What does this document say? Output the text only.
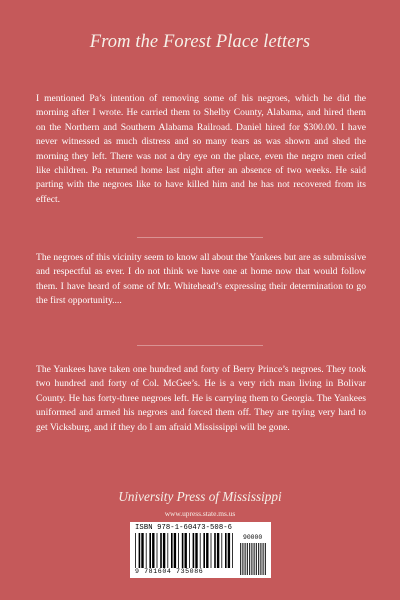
From the Forest Place letters

I mentioned Pa’s intention of removing some of his negroes, which he did the morning after I wrote. He carried them to Shelby County, Alabama, and hired them on the Northern and Southern Alabama Railroad. Daniel hired for $300.00. I have never witnessed as much distress and so many tears as was shown and shed the morning they left. There was not a dry eye on the place, even the negro men cried like children. Pa returned home last night after an absence of two weeks. He said parting with the negroes like to have killed him and he has not recovered from its effect.

The negroes of this vicinity seem to know all about the Yankees but are as submissive and respectful as ever. I do not think we have one at home now that would follow them. I have heard of some of Mr. Whitehead’s expressing their determination to go the first opportunity....

The Yankees have taken one hundred and forty of Berry Prince’s negroes. They took two hundred and forty of Col. McGee’s. He is a very rich man living in Bolivar County. He has forty-three negroes left. He is carrying them to Georgia. The Yankees uniformed and armed his negroes and forced them off. They are trying very hard to get Vicksburg, and if they do I am afraid Mississippi will be gone.

University Press of Mississippi
www.upress.state.ms.us
ISBN 978-1-60473-508-6
9 781604 735086
90000
